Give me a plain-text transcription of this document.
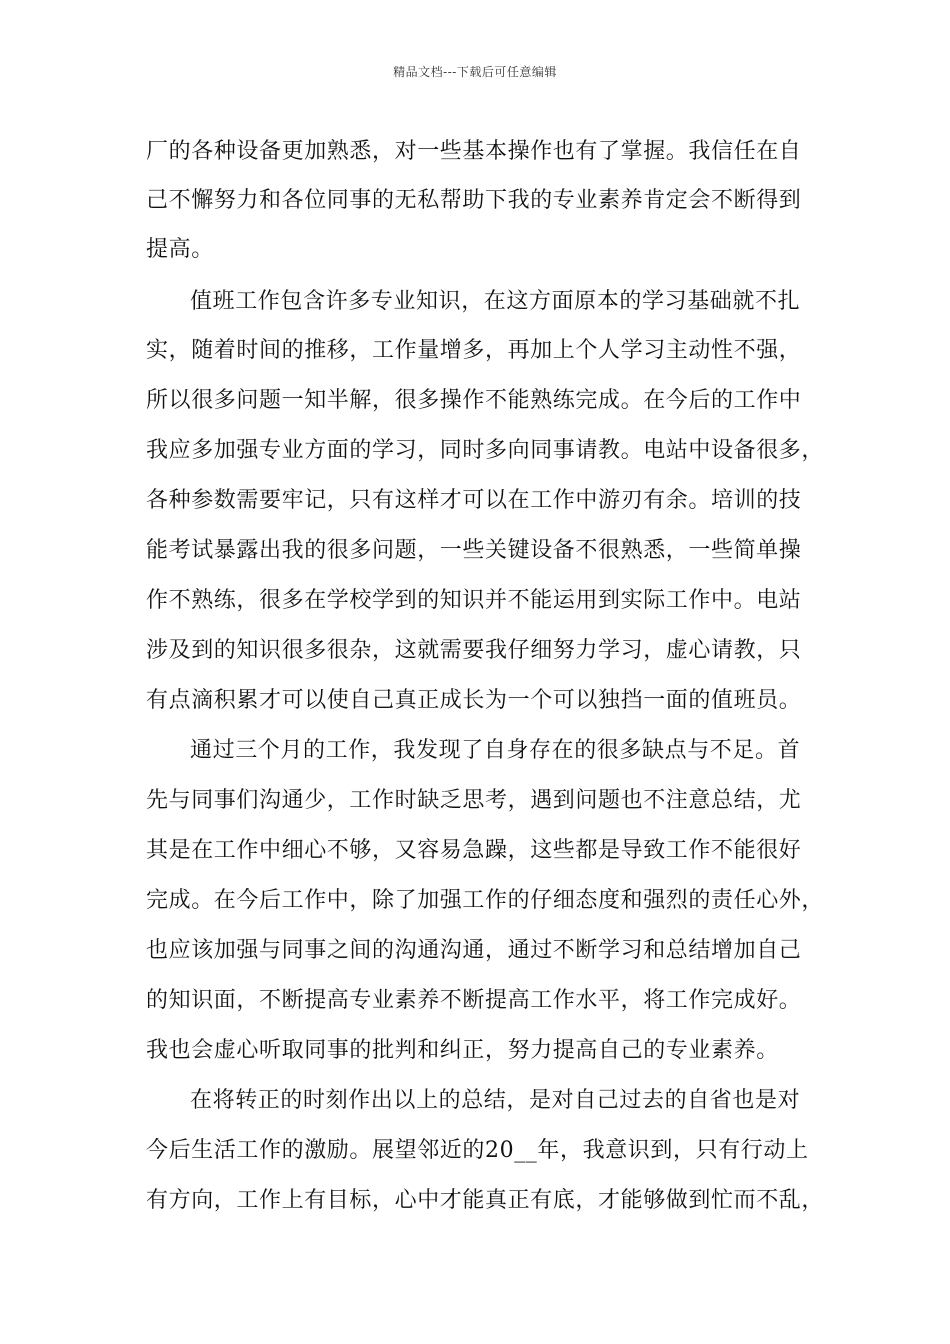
精品文档---下载后可任意编辑
厂的各种设备更加熟悉，对一些基本操作也有了掌握。我信任在自
己不懈努力和各位同事的无私帮助下我的专业素养肯定会不断得到
提高。
值班工作包含许多专业知识，在这方面原本的学习基础就不扎
实，随着时间的推移，工作量增多，再加上个人学习主动性不强，
所以很多问题一知半解，很多操作不能熟练完成。在今后的工作中
我应多加强专业方面的学习，同时多向同事请教。电站中设备很多，
各种参数需要牢记，只有这样才可以在工作中游刃有余。培训的技
能考试暴露出我的很多问题，一些关键设备不很熟悉，一些简单操
作不熟练，很多在学校学到的知识并不能运用到实际工作中。电站
涉及到的知识很多很杂，这就需要我仔细努力学习，虚心请教，只
有点滴积累才可以使自己真正成长为一个可以独挡一面的值班员。
通过三个月的工作，我发现了自身存在的很多缺点与不足。首
先与同事们沟通少，工作时缺乏思考，遇到问题也不注意总结，尤
其是在工作中细心不够，又容易急躁，这些都是导致工作不能很好
完成。在今后工作中，除了加强工作的仔细态度和强烈的责任心外，
也应该加强与同事之间的沟通沟通，通过不断学习和总结增加自己
的知识面，不断提高专业素养不断提高工作水平，将工作完成好。
我也会虚心听取同事的批判和纠正，努力提高自己的专业素养。
在将转正的时刻作出以上的总结，是对自己过去的自省也是对
今后生活工作的激励。展望邻近的20__年，我意识到，只有行动上
有方向，工作上有目标，心中才能真正有底，才能够做到忙而不乱，
